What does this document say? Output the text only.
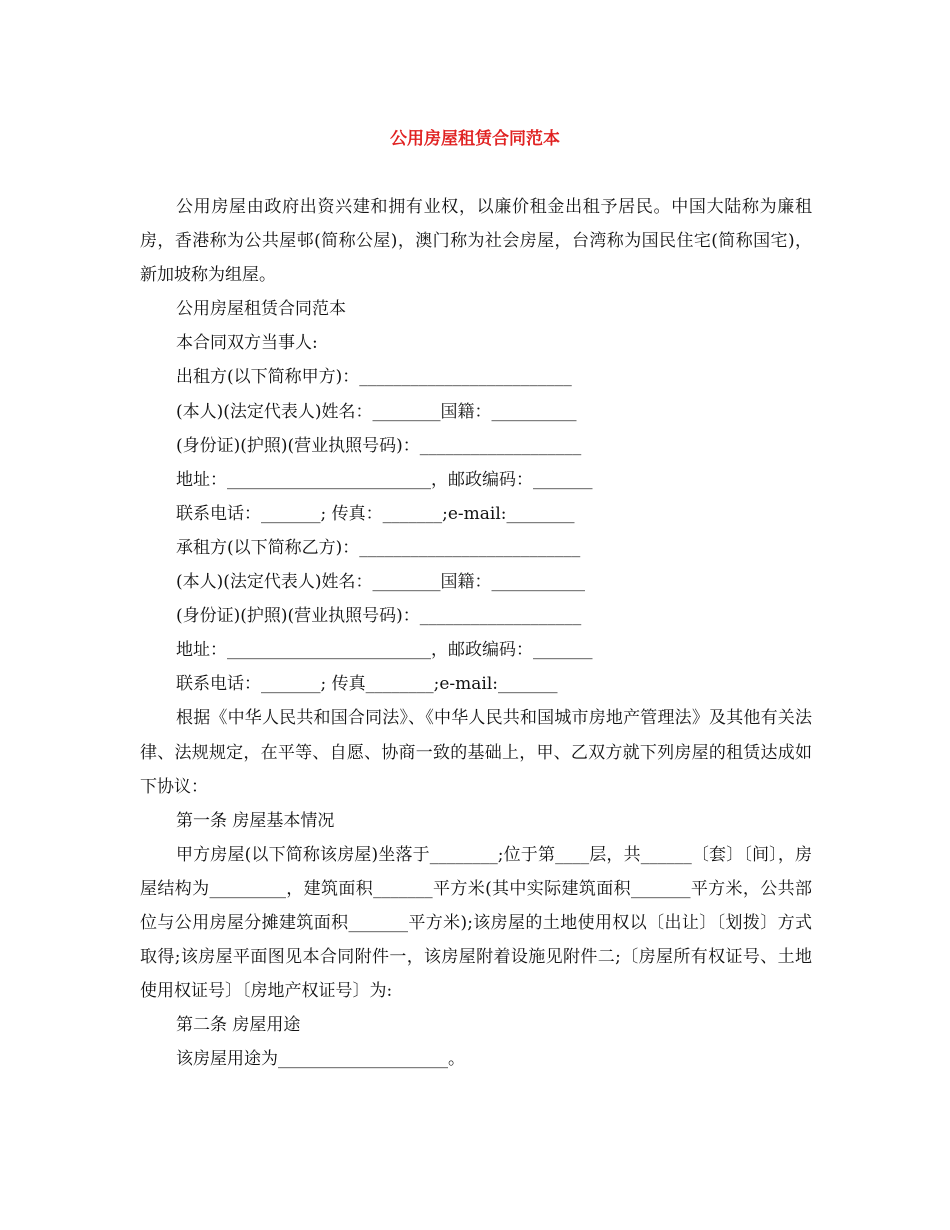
公用房屋租赁合同范本

公用房屋由政府出资兴建和拥有业权，以廉价租金出租予居民。中国大陆称为廉租房，香港称为公共屋邨(简称公屋)，澳门称为社会房屋，台湾称为国民住宅(简称国宅)，新加坡称为组屋。

公用房屋租赁合同范本

本合同双方当事人:

出租方(以下简称甲方)：_________________________

(本人)(法定代表人)姓名：________国籍：__________

(身份证)(护照)(营业执照号码)：___________________

地址：________________________，邮政编码：_______

联系电话：_______; 传真：_______;e-mail:________

承租方(以下简称乙方)：__________________________

(本人)(法定代表人)姓名：________国籍：___________

(身份证)(护照)(营业执照号码)：___________________

地址：________________________，邮政编码：_______

联系电话：_______; 传真________;e-mail:_______

根据《中华人民共和国合同法》、《中华人民共和国城市房地产管理法》及其他有关法律、法规规定，在平等、自愿、协商一致的基础上，甲、乙双方就下列房屋的租赁达成如下协议：

第一条 房屋基本情况

甲方房屋(以下简称该房屋)坐落于________;位于第____层，共______〔套〕〔间〕，房屋结构为_________，建筑面积_______平方米(其中实际建筑面积_______平方米，公共部位与公用房屋分摊建筑面积_______平方米);该房屋的土地使用权以〔出让〕〔划拨〕方式取得;该房屋平面图见本合同附件一，该房屋附着设施见附件二;〔房屋所有权证号、土地使用权证号〕〔房地产权证号〕为:

第二条 房屋用途

该房屋用途为____________________。
